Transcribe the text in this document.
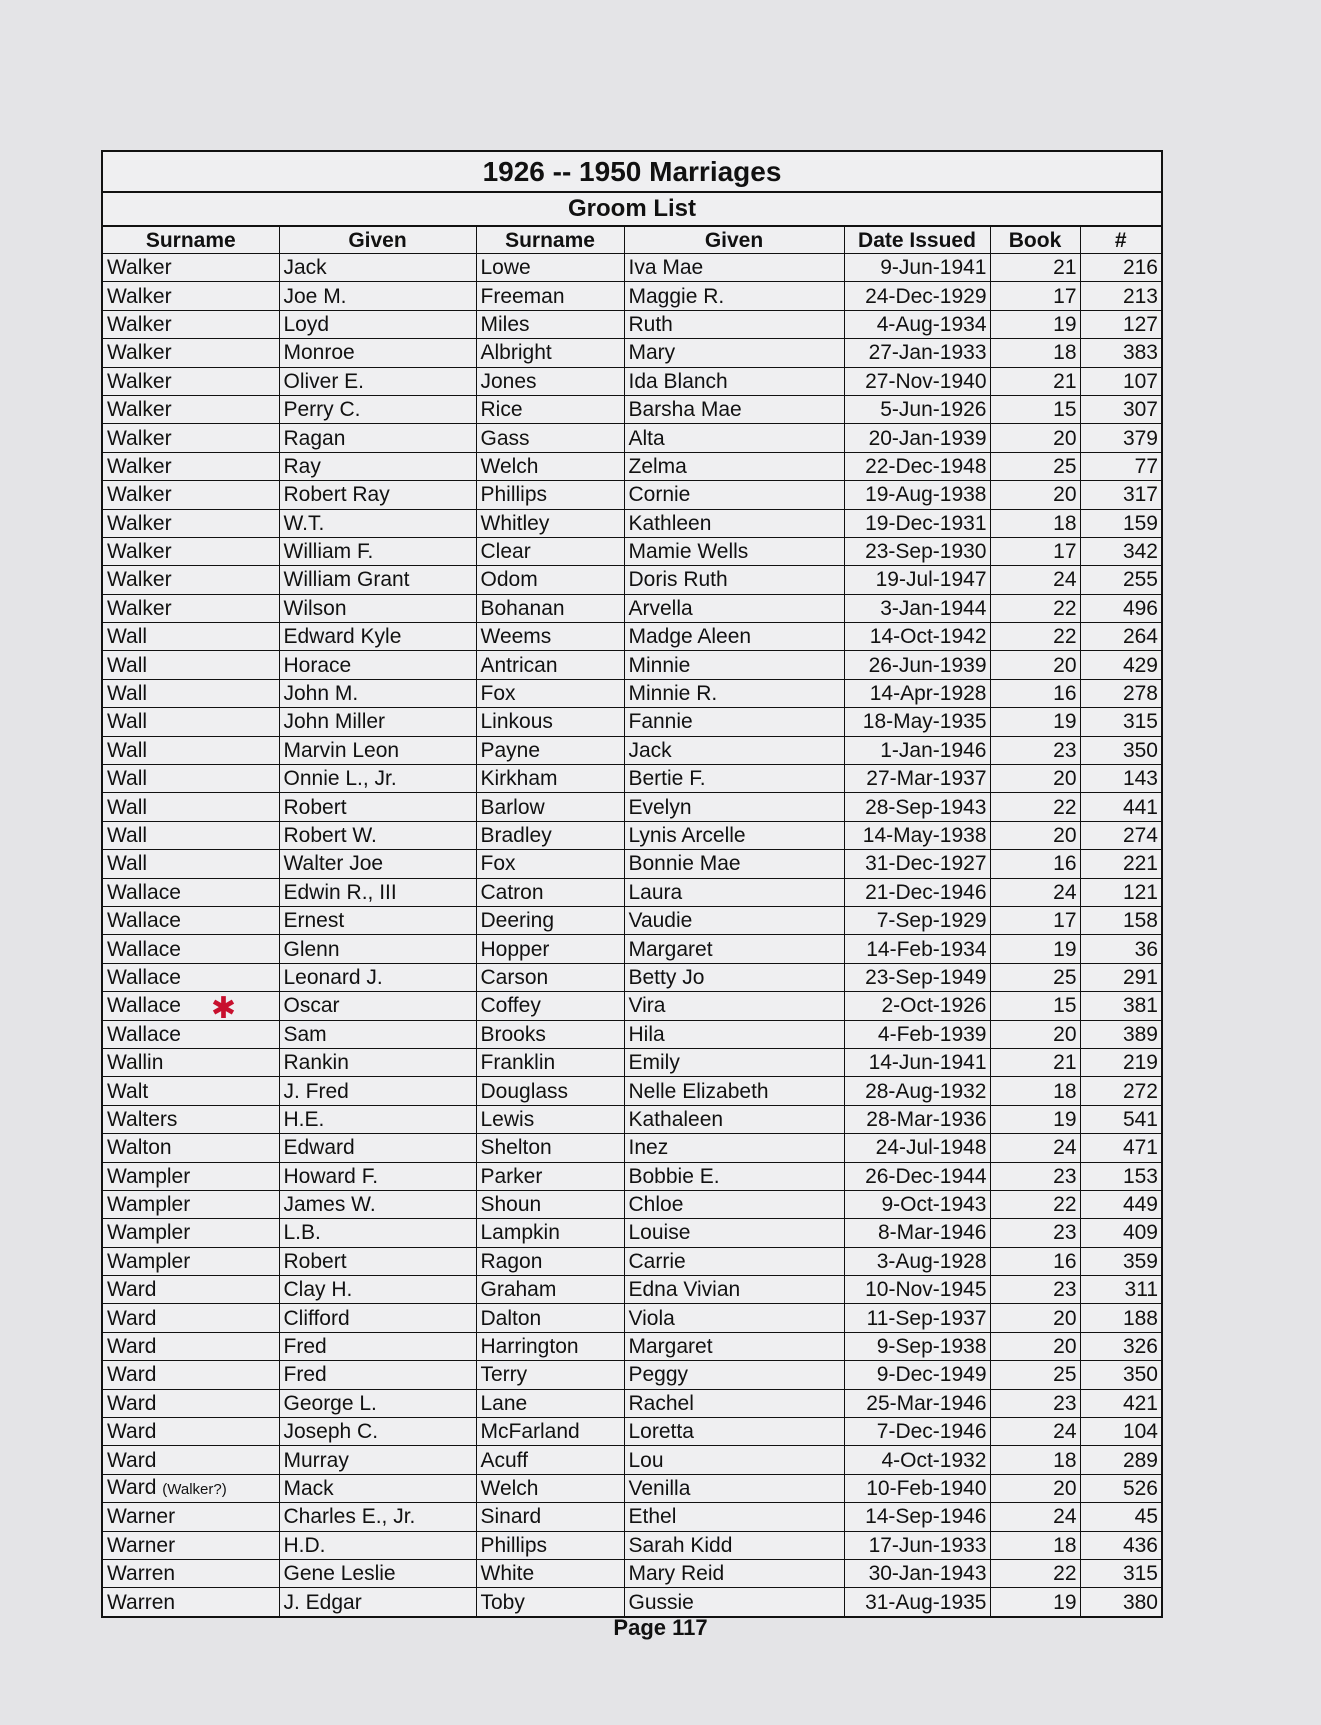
1926 -- 1950 Marriages
Groom List
Surname	Given	Surname	Given	Date Issued	Book	#
Walker	Jack	Lowe	Iva Mae	9-Jun-1941	21	216
Walker	Joe M.	Freeman	Maggie R.	24-Dec-1929	17	213
Walker	Loyd	Miles	Ruth	4-Aug-1934	19	127
Walker	Monroe	Albright	Mary	27-Jan-1933	18	383
Walker	Oliver E.	Jones	Ida Blanch	27-Nov-1940	21	107
Walker	Perry C.	Rice	Barsha Mae	5-Jun-1926	15	307
Walker	Ragan	Gass	Alta	20-Jan-1939	20	379
Walker	Ray	Welch	Zelma	22-Dec-1948	25	77
Walker	Robert Ray	Phillips	Cornie	19-Aug-1938	20	317
Walker	W.T.	Whitley	Kathleen	19-Dec-1931	18	159
Walker	William F.	Clear	Mamie Wells	23-Sep-1930	17	342
Walker	William Grant	Odom	Doris Ruth	19-Jul-1947	24	255
Walker	Wilson	Bohanan	Arvella	3-Jan-1944	22	496
Wall	Edward Kyle	Weems	Madge Aleen	14-Oct-1942	22	264
Wall	Horace	Antrican	Minnie	26-Jun-1939	20	429
Wall	John M.	Fox	Minnie R.	14-Apr-1928	16	278
Wall	John Miller	Linkous	Fannie	18-May-1935	19	315
Wall	Marvin Leon	Payne	Jack	1-Jan-1946	23	350
Wall	Onnie L., Jr.	Kirkham	Bertie F.	27-Mar-1937	20	143
Wall	Robert	Barlow	Evelyn	28-Sep-1943	22	441
Wall	Robert W.	Bradley	Lynis Arcelle	14-May-1938	20	274
Wall	Walter Joe	Fox	Bonnie Mae	31-Dec-1927	16	221
Wallace	Edwin R., III	Catron	Laura	21-Dec-1946	24	121
Wallace	Ernest	Deering	Vaudie	7-Sep-1929	17	158
Wallace	Glenn	Hopper	Margaret	14-Feb-1934	19	36
Wallace	Leonard J.	Carson	Betty Jo	23-Sep-1949	25	291
Wallace ✱	Oscar	Coffey	Vira	2-Oct-1926	15	381
Wallace	Sam	Brooks	Hila	4-Feb-1939	20	389
Wallin	Rankin	Franklin	Emily	14-Jun-1941	21	219
Walt	J. Fred	Douglass	Nelle Elizabeth	28-Aug-1932	18	272
Walters	H.E.	Lewis	Kathaleen	28-Mar-1936	19	541
Walton	Edward	Shelton	Inez	24-Jul-1948	24	471
Wampler	Howard F.	Parker	Bobbie E.	26-Dec-1944	23	153
Wampler	James W.	Shoun	Chloe	9-Oct-1943	22	449
Wampler	L.B.	Lampkin	Louise	8-Mar-1946	23	409
Wampler	Robert	Ragon	Carrie	3-Aug-1928	16	359
Ward	Clay H.	Graham	Edna Vivian	10-Nov-1945	23	311
Ward	Clifford	Dalton	Viola	11-Sep-1937	20	188
Ward	Fred	Harrington	Margaret	9-Sep-1938	20	326
Ward	Fred	Terry	Peggy	9-Dec-1949	25	350
Ward	George L.	Lane	Rachel	25-Mar-1946	23	421
Ward	Joseph C.	McFarland	Loretta	7-Dec-1946	24	104
Ward	Murray	Acuff	Lou	4-Oct-1932	18	289
Ward (Walker?)	Mack	Welch	Venilla	10-Feb-1940	20	526
Warner	Charles E., Jr.	Sinard	Ethel	14-Sep-1946	24	45
Warner	H.D.	Phillips	Sarah Kidd	17-Jun-1933	18	436
Warren	Gene Leslie	White	Mary Reid	30-Jan-1943	22	315
Warren	J. Edgar	Toby	Gussie	31-Aug-1935	19	380
Page 117
